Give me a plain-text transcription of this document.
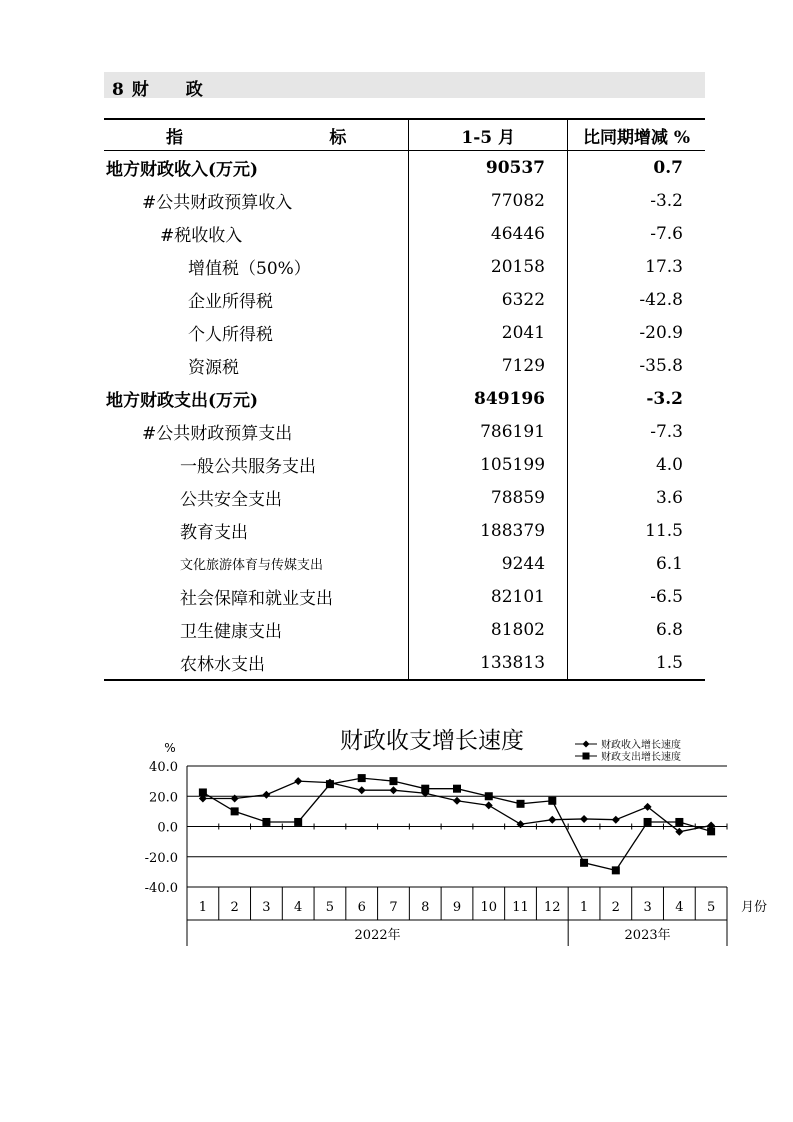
8 财　　政
指 标	1-5 月	比同期增减 %
地方财政收入(万元)	90537	0.7
#公共财政预算收入	77082	-3.2
#税收收入	46446	-7.6
增值税（50%）	20158	17.3
企业所得税	6322	-42.8
个人所得税	2041	-20.9
资源税	7129	-35.8
地方财政支出(万元)	849196	-3.2
#公共财政预算支出	786191	-7.3
一般公共服务支出	105199	4.0
公共安全支出	78859	3.6
教育支出	188379	11.5
文化旅游体育与传媒支出	9244	6.1
社会保障和就业支出	82101	-6.5
卫生健康支出	81802	6.8
农林水支出	133813	1.5
财政收支增长速度
%
40.0
20.0
0.0
-20.0
-40.0
1 2 3 4 5 6 7 8 9 10 11 12 1 2 3 4 5 月份
2022年	2023年
财政收入增长速度
财政支出增长速度
